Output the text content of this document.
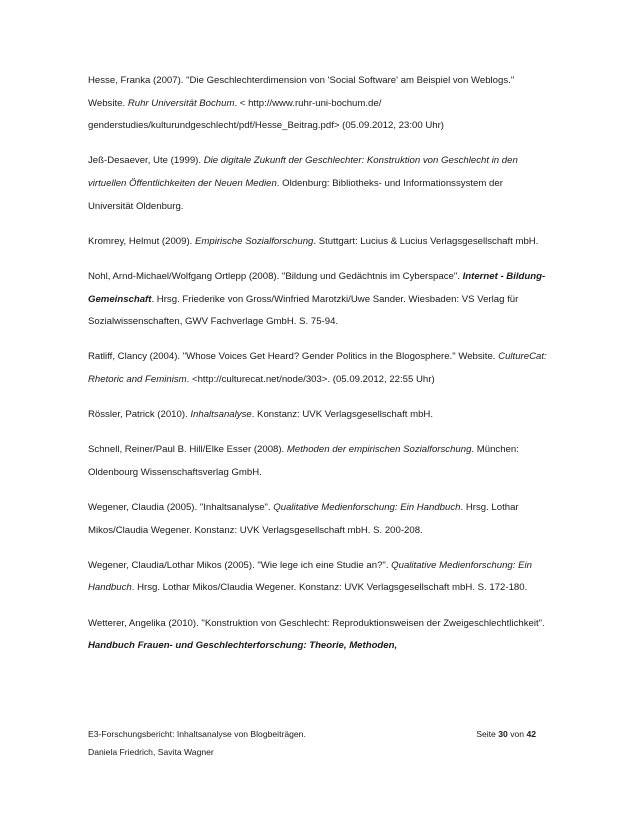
Hesse, Franka (2007). "Die Geschlechterdimension von 'Social Software' am Beispiel von Weblogs." Website. Ruhr Universität Bochum. < http://www.ruhr-uni-bochum.de/ genderstudies/kulturundgeschlecht/pdf/Hesse_Beitrag.pdf> (05.09.2012, 23:00 Uhr)

Jeß-Desaever, Ute (1999). Die digitale Zukunft der Geschlechter: Konstruktion von Geschlecht in den virtuellen Öffentlichkeiten der Neuen Medien. Oldenburg: Bibliotheks- und Informationssystem der Universität Oldenburg.

Kromrey, Helmut (2009). Empirische Sozialforschung. Stuttgart: Lucius & Lucius Verlagsgesellschaft mbH.

Nohl, Arnd-Michael/Wolfgang Ortlepp (2008). "Bildung und Gedächtnis im Cyberspace". Internet - Bildung- Gemeinschaft. Hrsg. Friederike von Gross/Winfried Marotzki/Uwe Sander. Wiesbaden: VS Verlag für Sozialwissenschaften, GWV Fachverlage GmbH. S. 75-94.

Ratliff, Clancy (2004). "Whose Voices Get Heard? Gender Politics in the Blogosphere." Website. CultureCat: Rhetoric and Feminism. <http://culturecat.net/node/303>. (05.09.2012, 22:55 Uhr)

Rössler, Patrick (2010). Inhaltsanalyse. Konstanz: UVK Verlagsgesellschaft mbH.

Schnell, Reiner/Paul B. Hill/Elke Esser (2008). Methoden der empirischen Sozialforschung. München: Oldenbourg Wissenschaftsverlag GmbH.

Wegener, Claudia (2005). "Inhaltsanalyse". Qualitative Medienforschung: Ein Handbuch. Hrsg. Lothar Mikos/Claudia Wegener. Konstanz: UVK Verlagsgesellschaft mbH. S. 200-208.

Wegener, Claudia/Lothar Mikos (2005). "Wie lege ich eine Studie an?". Qualitative Medienforschung: Ein Handbuch. Hrsg. Lothar Mikos/Claudia Wegener. Konstanz: UVK Verlagsgesellschaft mbH. S. 172-180.

Wetterer, Angelika (2010). "Konstruktion von Geschlecht: Reproduktionsweisen der Zweigeschlechtlichkeit". Handbuch Frauen- und Geschlechterforschung: Theorie, Methoden,

E3-Forschungsbericht: Inhaltsanalyse von Blogbeiträgen.	Seite 30 von 42
Daniela Friedrich, Savita Wagner
